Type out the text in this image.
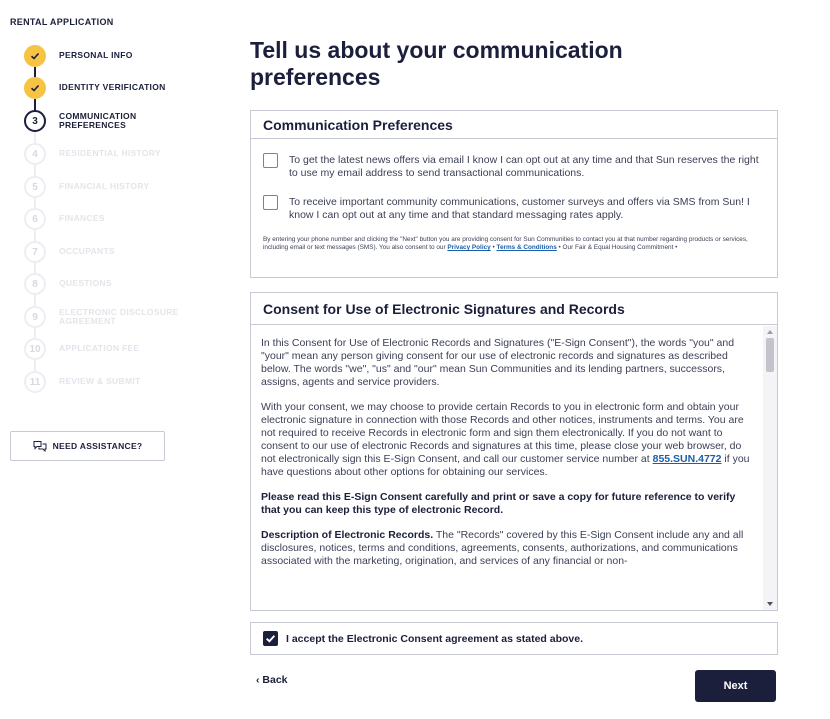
RENTAL APPLICATION
PERSONAL INFO
IDENTITY VERIFICATION
3	COMMUNICATION PREFERENCES
4	RESIDENTIAL HISTORY
5	FINANCIAL HISTORY
6	FINANCES
7	OCCUPANTS
8	QUESTIONS
9	ELECTRONIC DISCLOSURE AGREEMENT
10	APPLICATION FEE
11	REVIEW & SUBMIT
NEED ASSISTANCE?
Tell us about your communication preferences
Communication Preferences
To get the latest news offers via email I know I can opt out at any time and that Sun reserves the right to use my email address to send transactional communications.
To receive important community communications, customer surveys and offers via SMS from Sun! I know I can opt out at any time and that standard messaging rates apply.
By entering your phone number and clicking the "Next" button you are providing consent for Sun Communities to contact you at that number regarding products or services, including email or text messages (SMS). You also consent to our Privacy Policy • Terms & Conditions • Our Fair & Equal Housing Commitment •
Consent for Use of Electronic Signatures and Records

In this Consent for Use of Electronic Records and Signatures ("E-Sign Consent"), the words "you" and "your" mean any person giving consent for our use of electronic records and signatures as described below. The words "we", "us" and "our" mean Sun Communities and its lending partners, successors, assigns, agents and service providers.

With your consent, we may choose to provide certain Records to you in electronic form and obtain your electronic signature in connection with those Records and other notices, instruments and terms. You are not required to receive Records in electronic form and sign them electronically. If you do not want to consent to our use of electronic Records and signatures at this time, please close your web browser, do not electronically sign this E-Sign Consent, and call our customer service number at 855.SUN.4772 if you have questions about other options for obtaining our services.

Please read this E-Sign Consent carefully and print or save a copy for future reference to verify that you can keep this type of electronic Record.

Description of Electronic Records. The "Records" covered by this E-Sign Consent include any and all disclosures, notices, terms and conditions, agreements, consents, authorizations, and communications associated with the marketing, origination, and services of any financial or non-

I accept the Electronic Consent agreement as stated above.
‹ Back	Next
